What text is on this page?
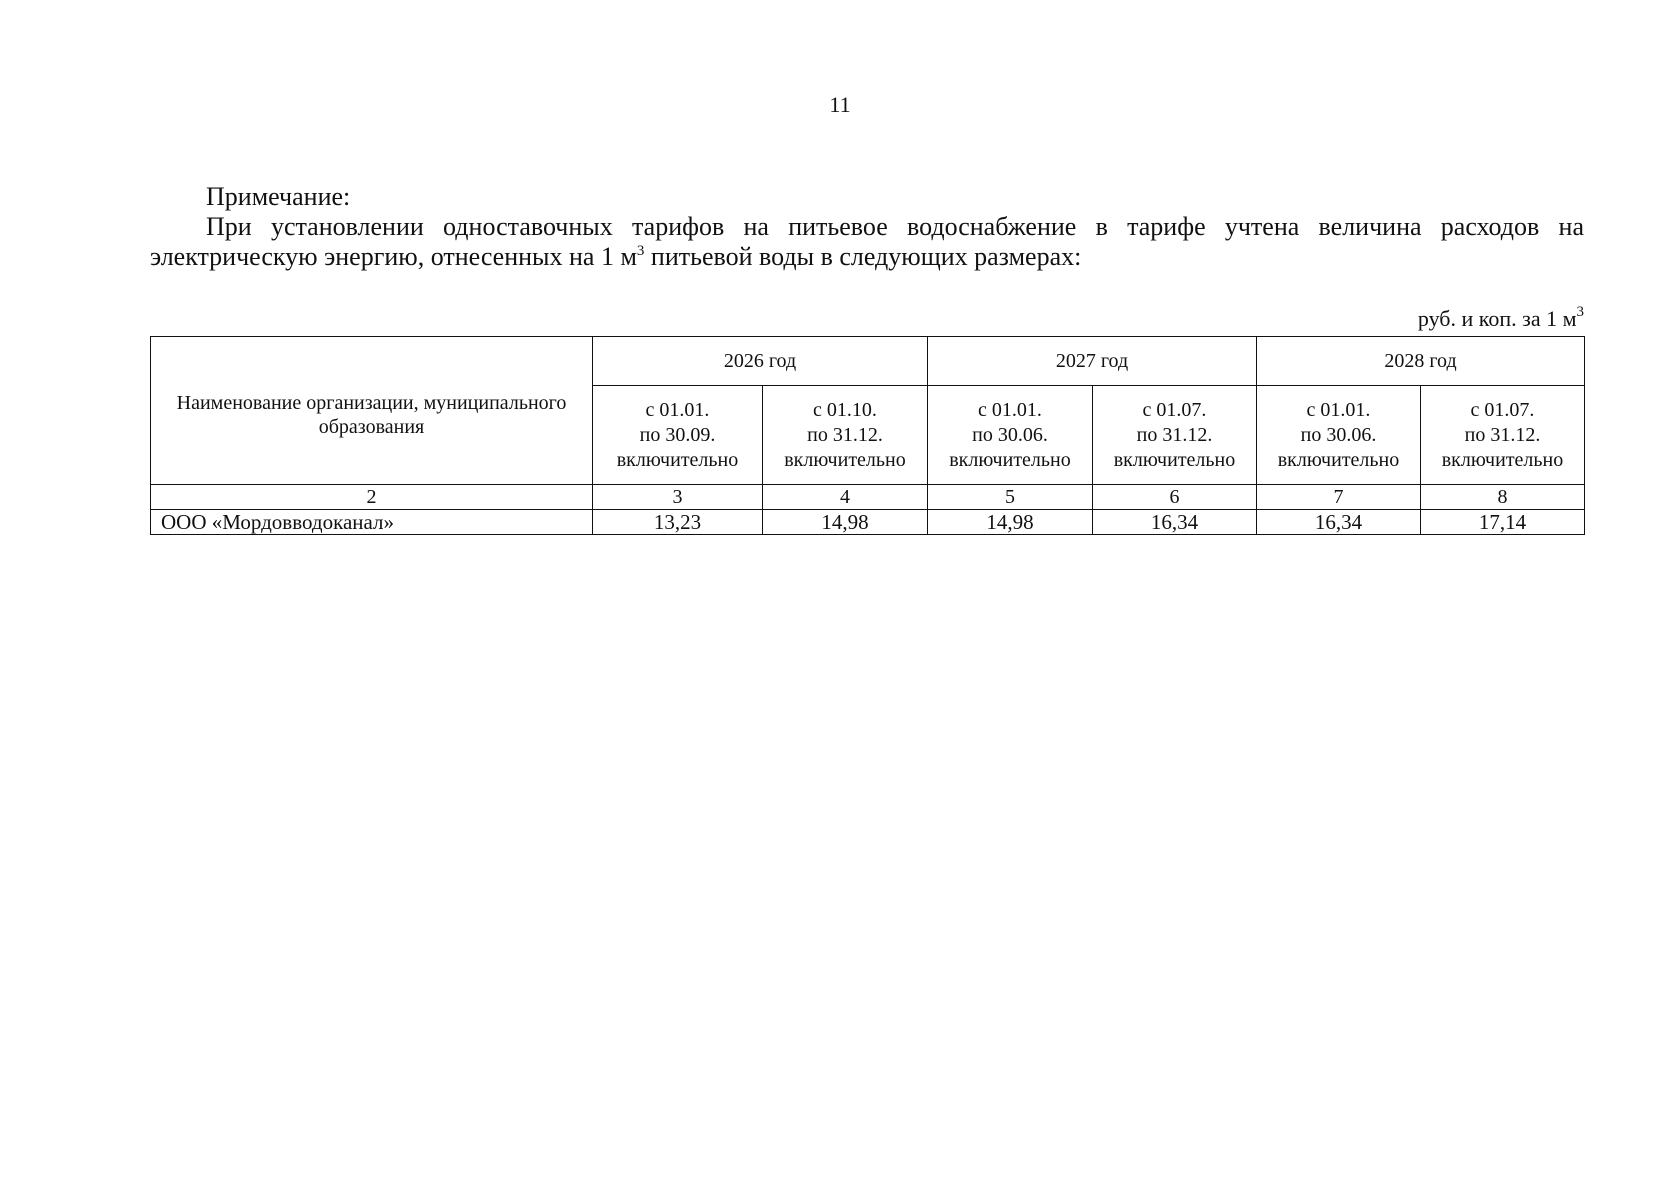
11
Примечание:

При установлении одноставочных тарифов на питьевое водоснабжение в тарифе учтена величина расходов на электрическую энергию, отнесенных на 1 $м^3$ питьевой воды в следующих размерах:

руб. и коп. за 1 $м^3$
Наименование организации, муниципального образования	2026 год		2027 год		2028 год	

	с 01.01.
по 30.09.
включительно	с 01.10.
по 31.12.
включительно	с 01.01.
по 30.06.
включительно	с 01.07.
по 31.12.
включительно	с 01.01.
по 30.06.
включительно	с 01.07.
по 31.12.
включительно

2	3	4	5	6	7	8
ООО «Мордовводоканал»	13,23	14,98	14,98	16,34	16,34	17,14
